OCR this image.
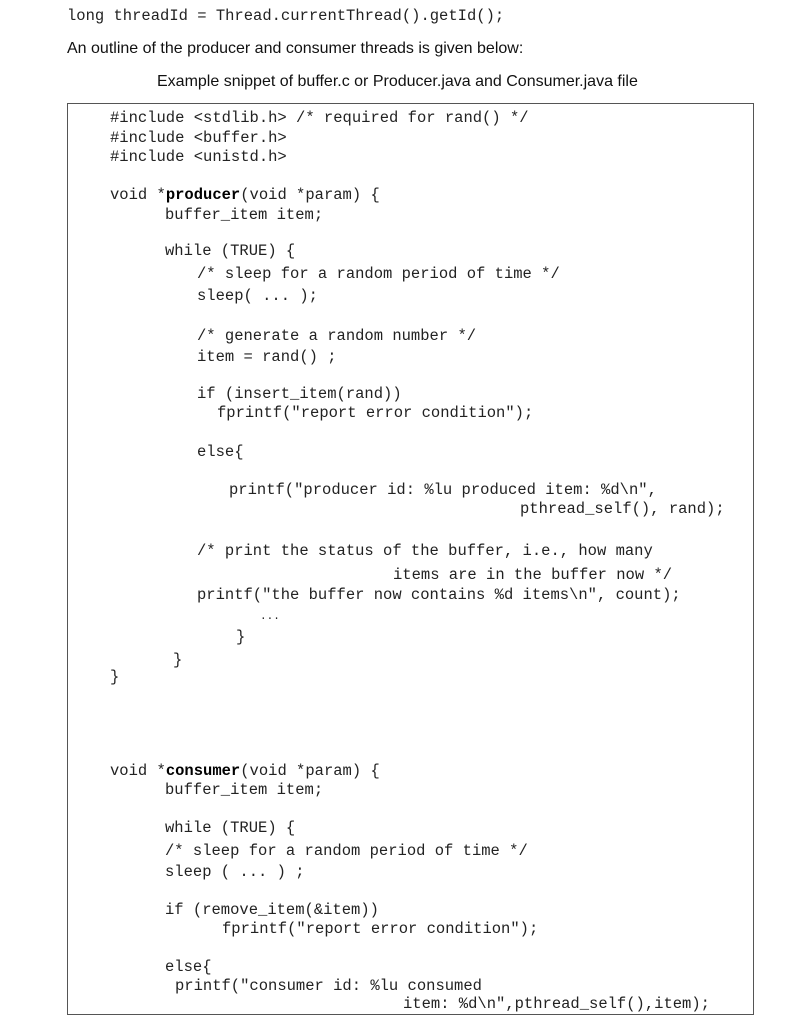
long threadId = Thread.currentThread().getId();
An outline of the producer and consumer threads is given below:
Example snippet of buffer.c or Producer.java and Consumer.java file
#include <stdlib.h> /* required for rand() */
#include <buffer.h>
#include <unistd.h>
void *producer(void *param) {
buffer_item item;
while (TRUE) {
/* sleep for a random period of time */
sleep( ... );
/* generate a random number */
item = rand() ;
if (insert_item(rand))
fprintf("report error condition");
else{
printf("producer id: %lu produced item: %d\n",
pthread_self(), rand);
/* print the status of the buffer, i.e., how many
items are in the buffer now */
printf("the buffer now contains %d items\n", count);
...
}
}
}
void *consumer(void *param) {
buffer_item item;
while (TRUE) {
/* sleep for a random period of time */
sleep ( ... ) ;
if (remove_item(&item))
fprintf("report error condition");
else{
printf("consumer id: %lu consumed
item: %d\n",pthread_self(),item);
